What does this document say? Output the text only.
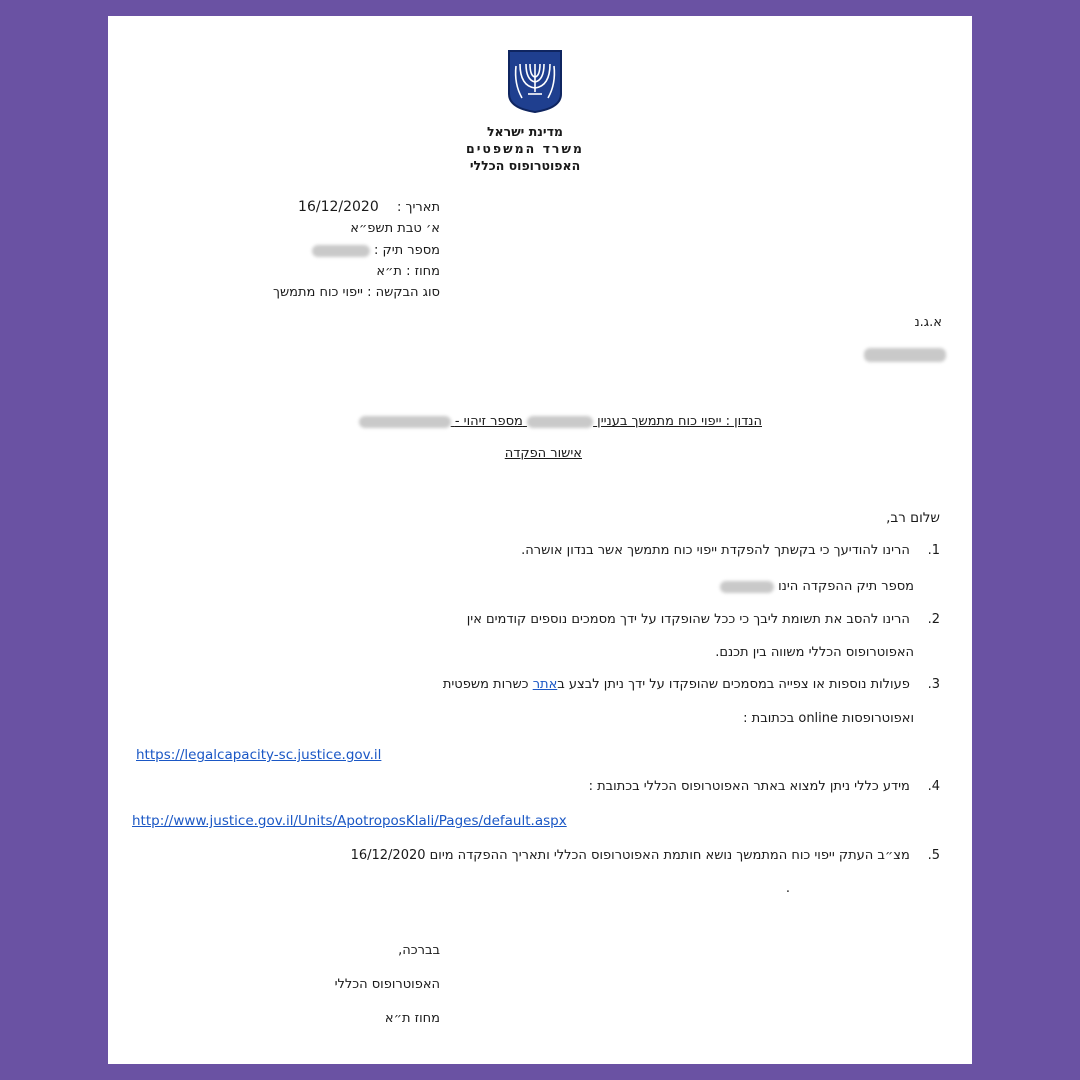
מדינת ישראל
משרד המשפטים
האפוטרופוס הכללי
תאריך :  16/12/2020
א׳ טבת תשפ״א
מספר תיק :
מחוז : ת״א
סוג הבקשה : ייפוי כוח מתמשך
א.ג.נ
הנדון : ייפוי כוח מתמשך בעניין  מספר זיהוי -
אישור הפקדה
שלום רב,
1. הרינו להודיעך כי בקשתך להפקדת ייפוי כוח מתמשך אשר בנדון אושרה.
מספר תיק ההפקדה הינו
2. הרינו להסב את תשומת ליבך כי ככל שהופקדו על ידך מסמכים נוספים קודמים אין
האפוטרופוס הכללי משווה בין תכנם.
3. פעולות נוספות או צפייה במסמכים שהופקדו על ידך ניתן לבצע באתר כשרות משפטית
ואפוטרופסות online בכתובת :
https://legalcapacity-sc.justice.gov.il
4. מידע כללי ניתן למצוא באתר האפוטרופוס הכללי בכתובת :
http://www.justice.gov.il/Units/ApotroposKlali/Pages/default.aspx
5. מצ״ב העתק ייפוי כוח המתמשך נושא חותמת האפוטרופוס הכללי ותאריך ההפקדה מיום 16/12/2020
.
בברכה,
האפוטרופוס הכללי
מחוז ת״א
